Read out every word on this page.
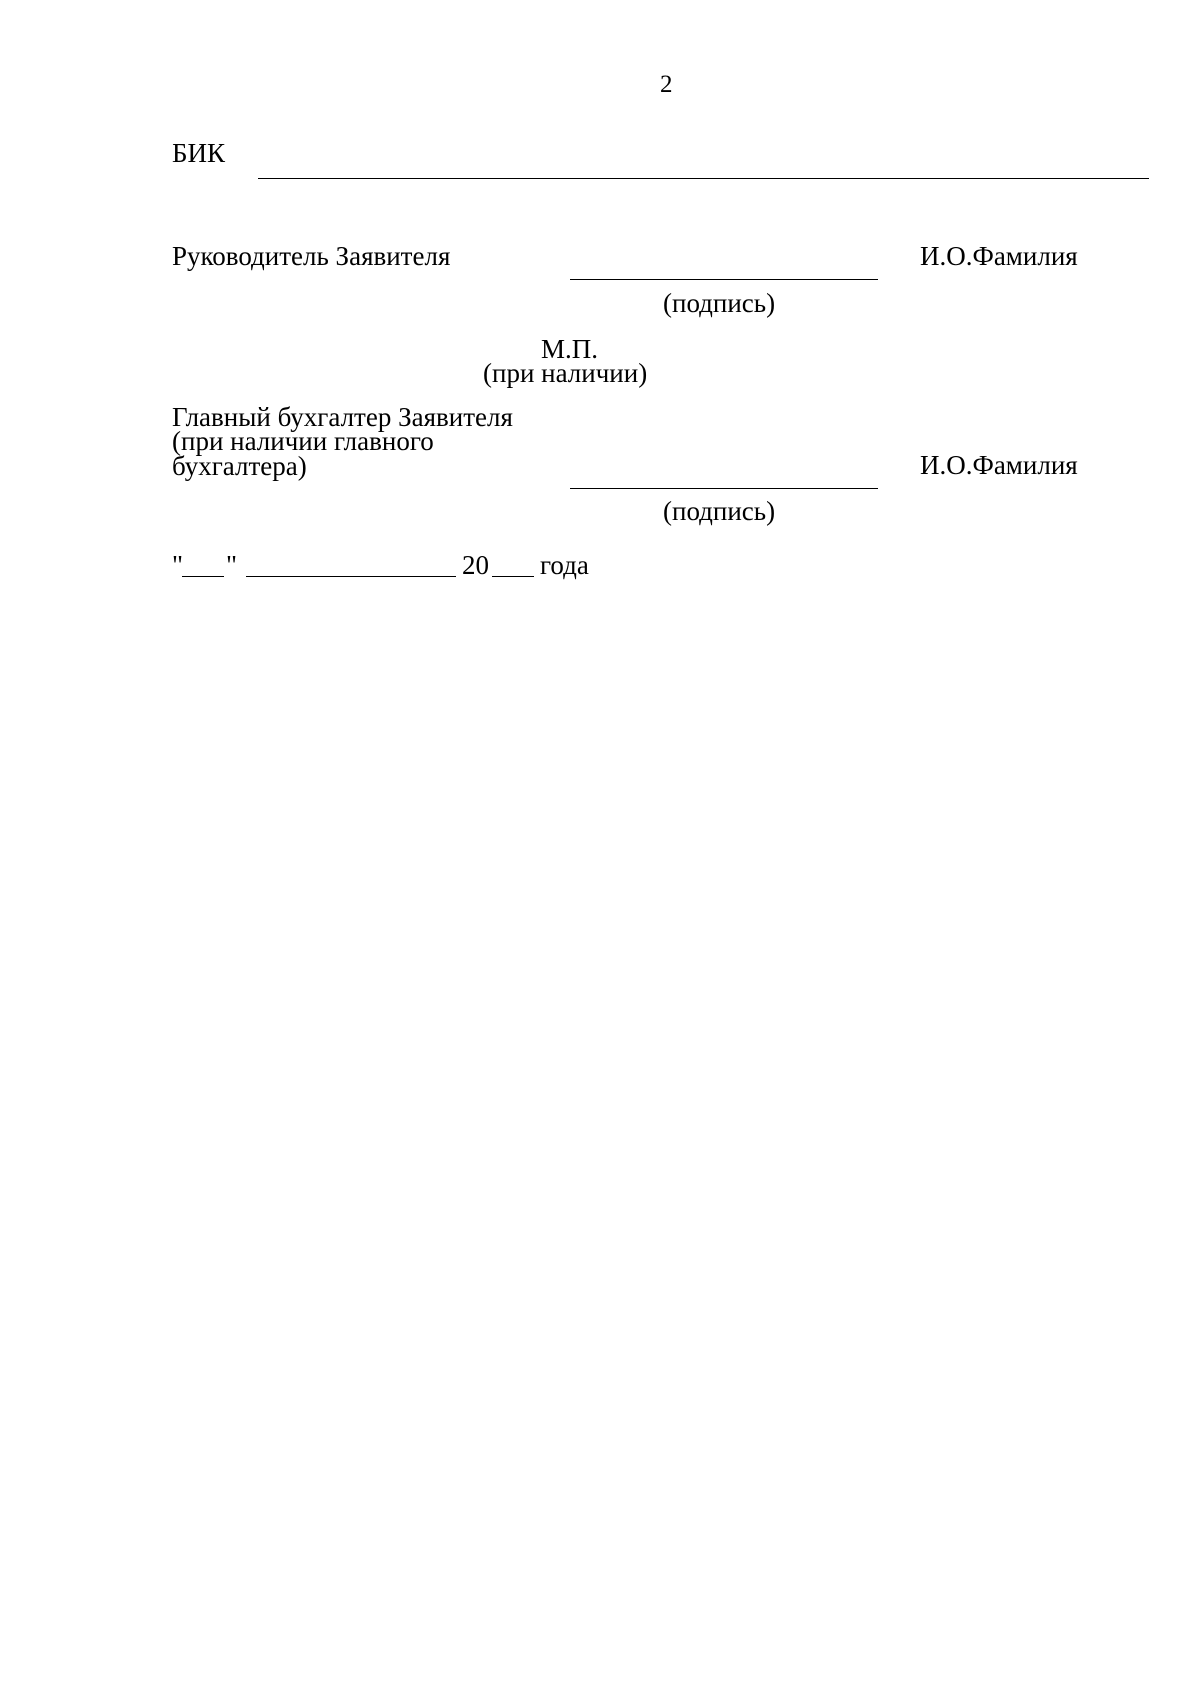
2
БИК
Руководитель Заявителя
(подпись)
И.О.Фамилия
М.П.
(при наличии)
Главный бухгалтер Заявителя
(при наличии главного
бухгалтера)
(подпись)
И.О.Фамилия
" "	20 года
